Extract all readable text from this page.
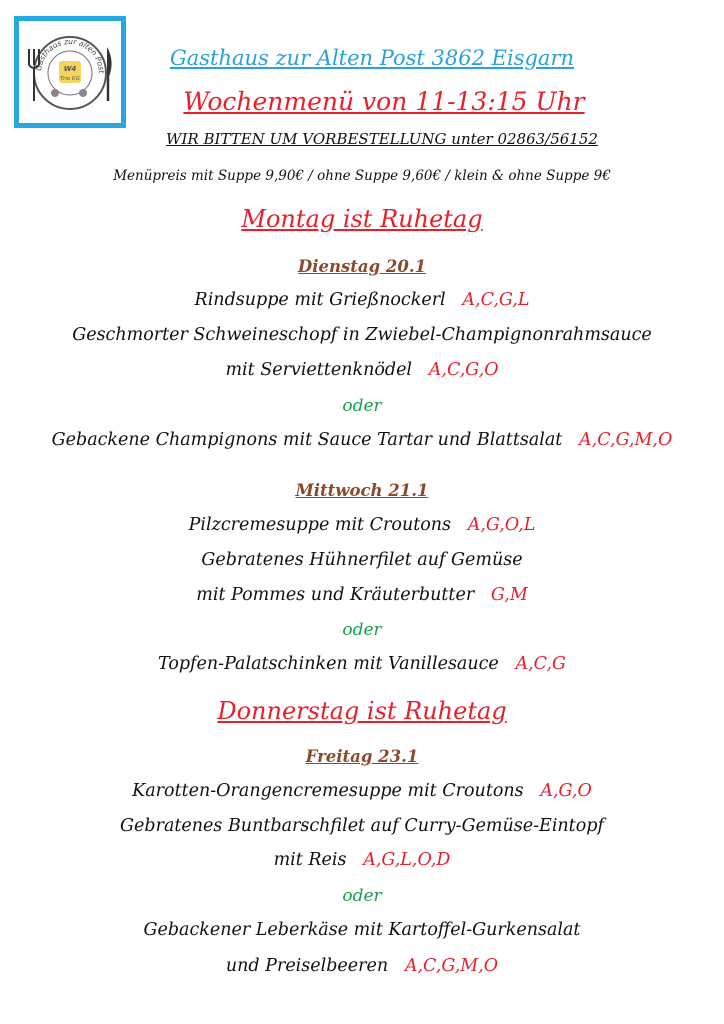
Gasthaus zur alten Post
W4
Trio KG
Gasthaus zur Alten Post 3862 Eisgarn
Wochenmenü von 11-13:15 Uhr
WIR BITTEN UM VORBESTELLUNG unter 02863/56152
Menüpreis mit Suppe 9,90€ / ohne Suppe 9,60€ / klein & ohne Suppe 9€
Montag ist Ruhetag
Dienstag 20.1
Rindsuppe mit Grießnockerl A,C,G,L
Geschmorter Schweineschopf in Zwiebel-Champignonrahmsauce
mit Serviettenknödel A,C,G,O
oder
Gebackene Champignons mit Sauce Tartar und Blattsalat A,C,G,M,O
Mittwoch 21.1
Pilzcremesuppe mit Croutons A,G,O,L
Gebratenes Hühnerfilet auf Gemüse
mit Pommes und Kräuterbutter G,M
oder
Topfen-Palatschinken mit Vanillesauce A,C,G
Donnerstag ist Ruhetag
Freitag 23.1
Karotten-Orangencremesuppe mit Croutons A,G,O
Gebratenes Buntbarschfilet auf Curry-Gemüse-Eintopf
mit Reis A,G,L,O,D
oder
Gebackener Leberkäse mit Kartoffel-Gurkensalat
und Preiselbeeren A,C,G,M,O
